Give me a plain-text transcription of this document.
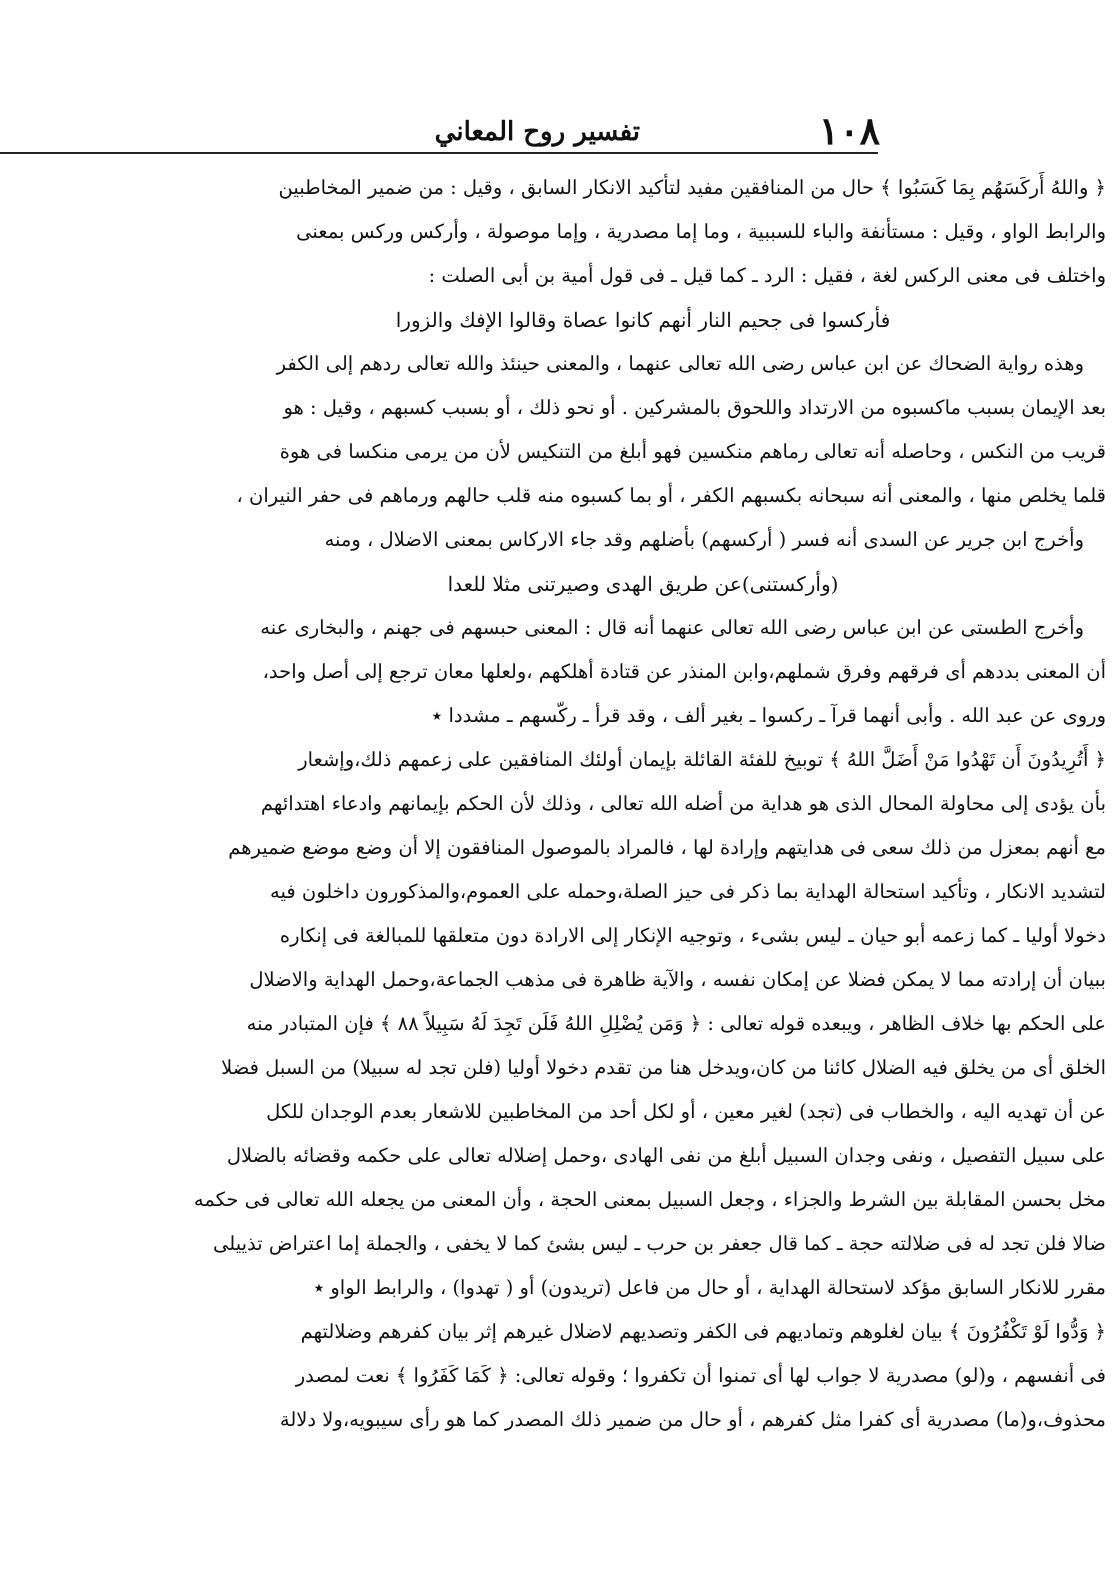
١٠٨
تفسير روح المعاني
﴿ واللهُ أَركَسَهُم بِمَا كَسَبُوا ﴾ حال من المنافقين مفيد لتأكيد الانكار السابق ، وقيل : من ضمير المخاطبين
والرابط الواو ، وقيل : مستأنفة والباء للسببية ، وما إما مصدرية ، وإما موصولة ، وأركس وركس بمعنى
واختلف فى معنى الركس لغة ، فقيل : الرد ـ كما قيل ـ فى قول أمية بن أبى الصلت :
فأركسوا فى جحيم النار أنهم كانوا عصاة وقالوا الإفك والزورا
وهذه رواية الضحاك عن ابن عباس رضى الله تعالى عنهما ، والمعنى حينئذ والله تعالى ردهم إلى الكفر
بعد الإيمان بسبب ماكسبوه من الارتداد واللحوق بالمشركين . أو نحو ذلك ، أو بسبب كسبهم ، وقيل : هو
قريب من النكس ، وحاصله أنه تعالى رماهم منكسين فهو أبلغ من التنكيس لأن من يرمى منكسا فى هوة
قلما يخلص منها ، والمعنى أنه سبحانه بكسبهم الكفر ، أو بما كسبوه منه قلب حالهم ورماهم فى حفر النيران ،
وأخرج ابن جرير عن السدى أنه فسر ( أركسهم) بأضلهم وقد جاء الاركاس بمعنى الاضلال ، ومنه
(وأركستنى)عن طريق الهدى وصيرتنى مثلا للعدا
وأخرج الطستى عن ابن عباس رضى الله تعالى عنهما أنه قال : المعنى حبسهم فى جهنم ، والبخارى عنه
أن المعنى بددهم أى فرقهم وفرق شملهم،وابن المنذر عن قتادة أهلكهم ،ولعلها معان ترجع إلى أصل واحد،
وروى عن عبد الله . وأبى أنهما قرآ ـ ركسوا ـ بغير ألف ، وقد قرأ ـ ركّسهم ـ مشددا ٭
﴿ أَتُرِيدُونَ أَن تَهْدُوا مَنْ أَضَلَّ اللهُ ﴾ توبيخ للفئة القائلة بإيمان أولئك المنافقين على زعمهم ذلك،وإشعار
بأن يؤدى إلى محاولة المحال الذى هو هداية من أضله الله تعالى ، وذلك لأن الحكم بإيمانهم وادعاء اهتدائهم
مع أنهم بمعزل من ذلك سعى فى هدايتهم وإرادة لها ، فالمراد بالموصول المنافقون إلا أن وضع موضع ضميرهم
لتشديد الانكار ، وتأكيد استحالة الهداية بما ذكر فى حيز الصلة،وحمله على العموم،والمذكورون داخلون فيه
دخولا أوليا ـ كما زعمه أبو حيان ـ ليس بشىء ، وتوجيه الإنكار إلى الارادة دون متعلقها للمبالغة فى إنكاره
ببيان أن إرادته مما لا يمكن فضلا عن إمكان نفسه ، والآية ظاهرة فى مذهب الجماعة،وحمل الهداية والاضلال
على الحكم بها خلاف الظاهر ، ويبعده قوله تعالى : ﴿ وَمَن يُضْلِلِ اللهُ فَلَن تَجِدَ لَهُ سَبِيلاً ٨٨ ﴾ فإن المتبادر منه
الخلق أى من يخلق فيه الضلال كائنا من كان،ويدخل هنا من تقدم دخولا أوليا (فلن تجد له سبيلا) من السبل فضلا
عن أن تهديه اليه ، والخطاب فى (تجد) لغير معين ، أو لكل أحد من المخاطبين للاشعار بعدم الوجدان للكل
على سبيل التفصيل ، ونفى وجدان السبيل أبلغ من نفى الهادى ،وحمل إضلاله تعالى على حكمه وقضائه بالضلال
مخل بحسن المقابلة بين الشرط والجزاء ، وجعل السبيل بمعنى الحجة ، وأن المعنى من يجعله الله تعالى فى حكمه
ضالا فلن تجد له فى ضلالته حجة ـ كما قال جعفر بن حرب ـ ليس بشئ كما لا يخفى ، والجملة إما اعتراض تذييلى
مقرر للانكار السابق مؤكد لاستحالة الهداية ، أو حال من فاعل (تريدون) أو ( تهدوا) ، والرابط الواو ٭
﴿ وَدُّوا لَوْ تَكْفُرُونَ ﴾ بيان لغلوهم وتماديهم فى الكفر وتصديهم لاضلال غيرهم إثر بيان كفرهم وضلالتهم
فى أنفسهم ، و(لو) مصدرية لا جواب لها أى تمنوا أن تكفروا ؛ وقوله تعالى: ﴿ كَمَا كَفَرُوا ﴾ نعت لمصدر
محذوف،و(ما) مصدرية أى كفرا مثل كفرهم ، أو حال من ضمير ذلك المصدر كما هو رأى سيبويه،ولا دلالة
